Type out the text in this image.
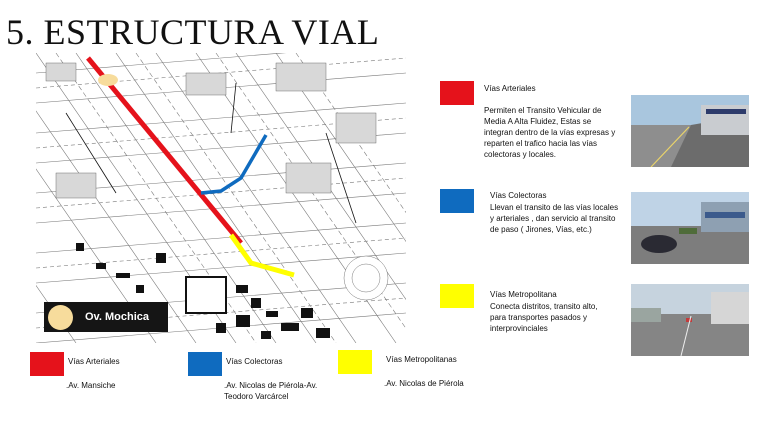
5. ESTRUCTURA VIAL
Ov. Mochica
Vías Arteriales
Permiten el Transito Vehicular de Media A Alta Fluidez, Estas se integran dentro de la vías expresas y reparten el trafico hacia las vías colectoras y locales.
Vías Colectoras
Llevan el transito de las vías locales y arteriales , dan servicio al transito de paso ( Jirones, Vías, etc.)
Vías Metropolitana
Conecta distritos, transito alto, para transportes pasados y interprovinciales
Vías Arteriales
.Av. Mansiche
Vías Colectoras
.Av. Nicolas de Piérola-Av. Teodoro Varcárcel
Vías Metropolitanas
.Av. Nicolas de Piérola
